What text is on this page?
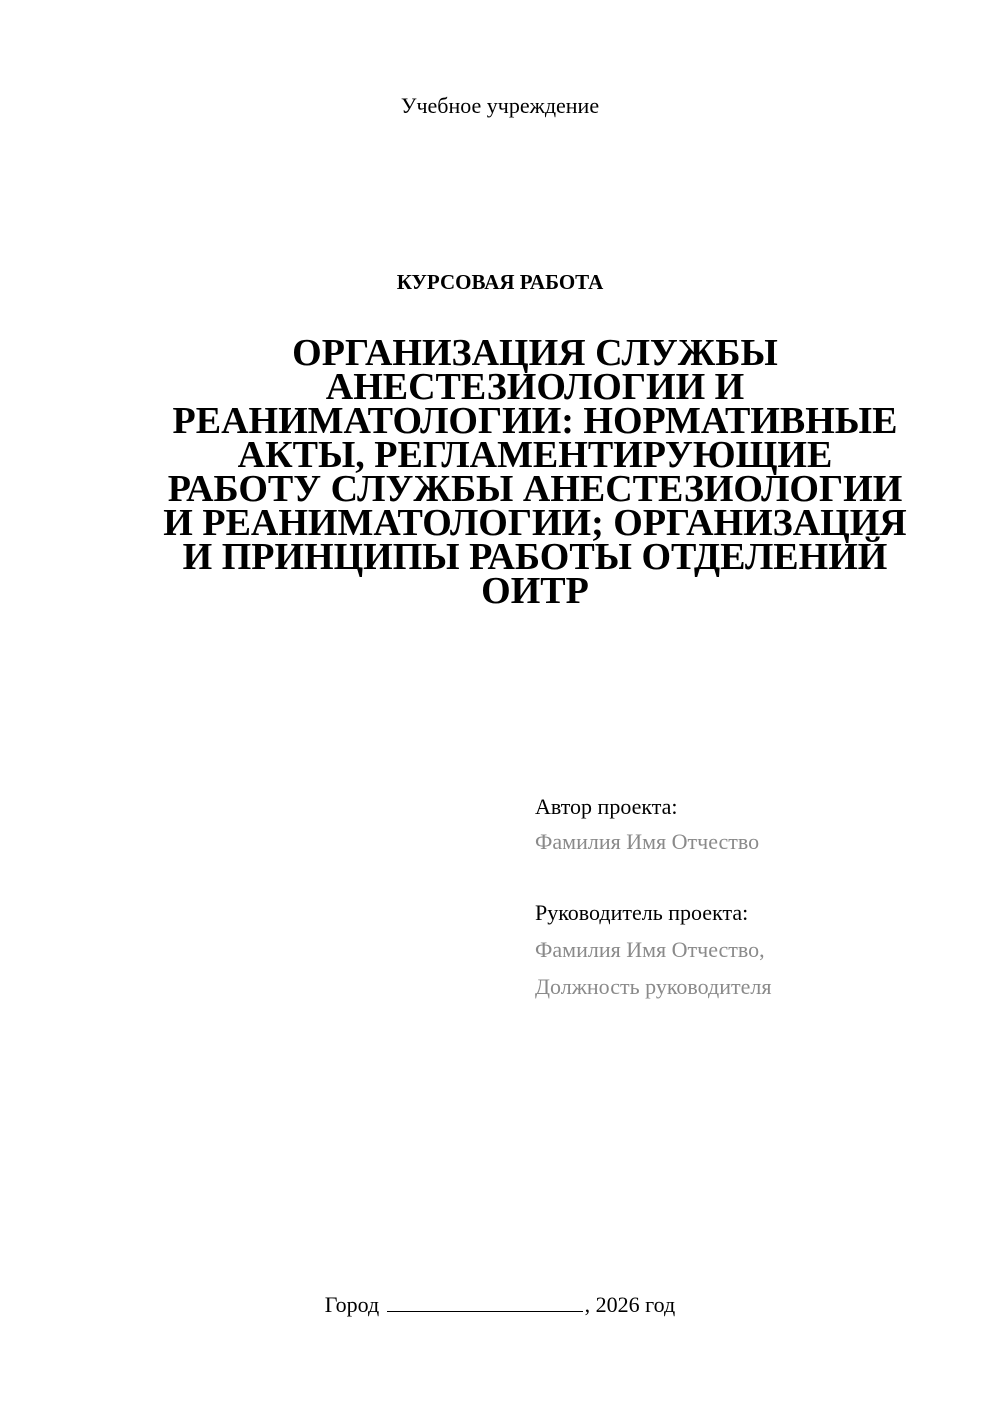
Учебное учреждение
КУРСОВАЯ РАБОТА
ОРГАНИЗАЦИЯ СЛУЖБЫ
АНЕСТЕЗИОЛОГИИ И
РЕАНИМАТОЛОГИИ: НОРМАТИВНЫЕ
АКТЫ, РЕГЛАМЕНТИРУЮЩИЕ
РАБОТУ СЛУЖБЫ АНЕСТЕЗИОЛОГИИ
И РЕАНИМАТОЛОГИИ; ОРГАНИЗАЦИЯ
И ПРИНЦИПЫ РАБОТЫ ОТДЕЛЕНИЙ
ОИТР
Автор проекта:
Фамилия Имя Отчество
Руководитель проекта:
Фамилия Имя Отчество,
Должность руководителя
Город	, 2026 год
